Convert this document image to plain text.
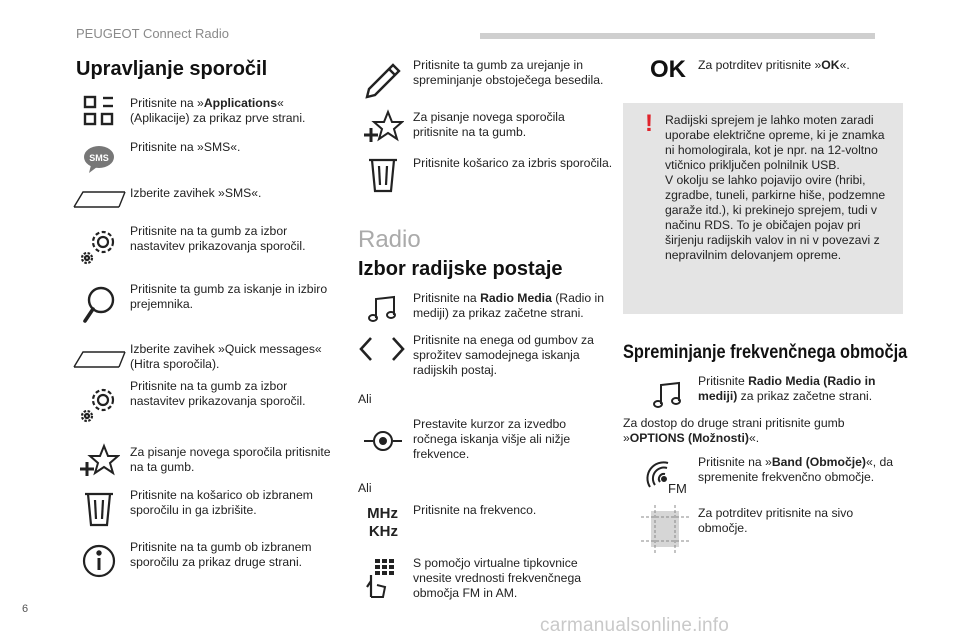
PEUGEOT Connect Radio
6
carmanualsonline.info
Upravljanje sporočil
Pritisnite na »Applications« (Aplikacije) za prikaz prve strani.
SMS
Pritisnite na »SMS«.
Izberite zavihek »SMS«.
Pritisnite na ta gumb za izbor nastavitev prikazovanja sporočil.
Pritisnite ta gumb za iskanje in izbiro prejemnika.
Izberite zavihek »Quick messages« (Hitra sporočila).
Pritisnite na ta gumb za izbor nastavitev prikazovanja sporočil.
Za pisanje novega sporočila pritisnite na ta gumb.
Pritisnite na košarico ob izbranem sporočilu in ga izbrišite.
Pritisnite na ta gumb ob izbranem sporočilu za prikaz druge strani.
Pritisnite ta gumb za urejanje in spreminjanje obstoječega besedila.
Za pisanje novega sporočila pritisnite na ta gumb.
Pritisnite košarico za izbris sporočila.
Radio
Izbor radijske postaje
Pritisnite na Radio Media (Radio in mediji) za prikaz začetne strani.
Pritisnite na enega od gumbov za sprožitev samodejnega iskanja radijskih postaj.
Ali
Prestavite kurzor za izvedbo ročnega iskanja višje ali nižje frekvence.
Ali
MHz
KHz
Pritisnite na frekvenco.
S pomočjo virtualne tipkovnice vnesite vrednosti frekvenčnega območja FM in AM.
OK Za potrditev pritisnite »OK«.
! Radijski sprejem je lahko moten zaradi uporabe električne opreme, ki je znamka ni homologirala, kot je npr. na 12-voltno vtičnico priključen polnilnik USB.
V okolju se lahko pojavijo ovire (hribi, zgradbe, tuneli, parkirne hiše, podzemne garaže itd.), ki prekinejo sprejem, tudi v načinu RDS. To je običajen pojav pri širjenju radijskih valov in ni v povezavi z nepravilnim delovanjem opreme.
Spreminjanje frekvenčnega območja
Pritisnite Radio Media (Radio in mediji) za prikaz začetne strani.
Za dostop do druge strani pritisnite gumb »OPTIONS (Možnosti)«.
FM
Pritisnite na »Band (Območje)«, da spremenite frekvenčno območje.
Za potrditev pritisnite na sivo območje.
